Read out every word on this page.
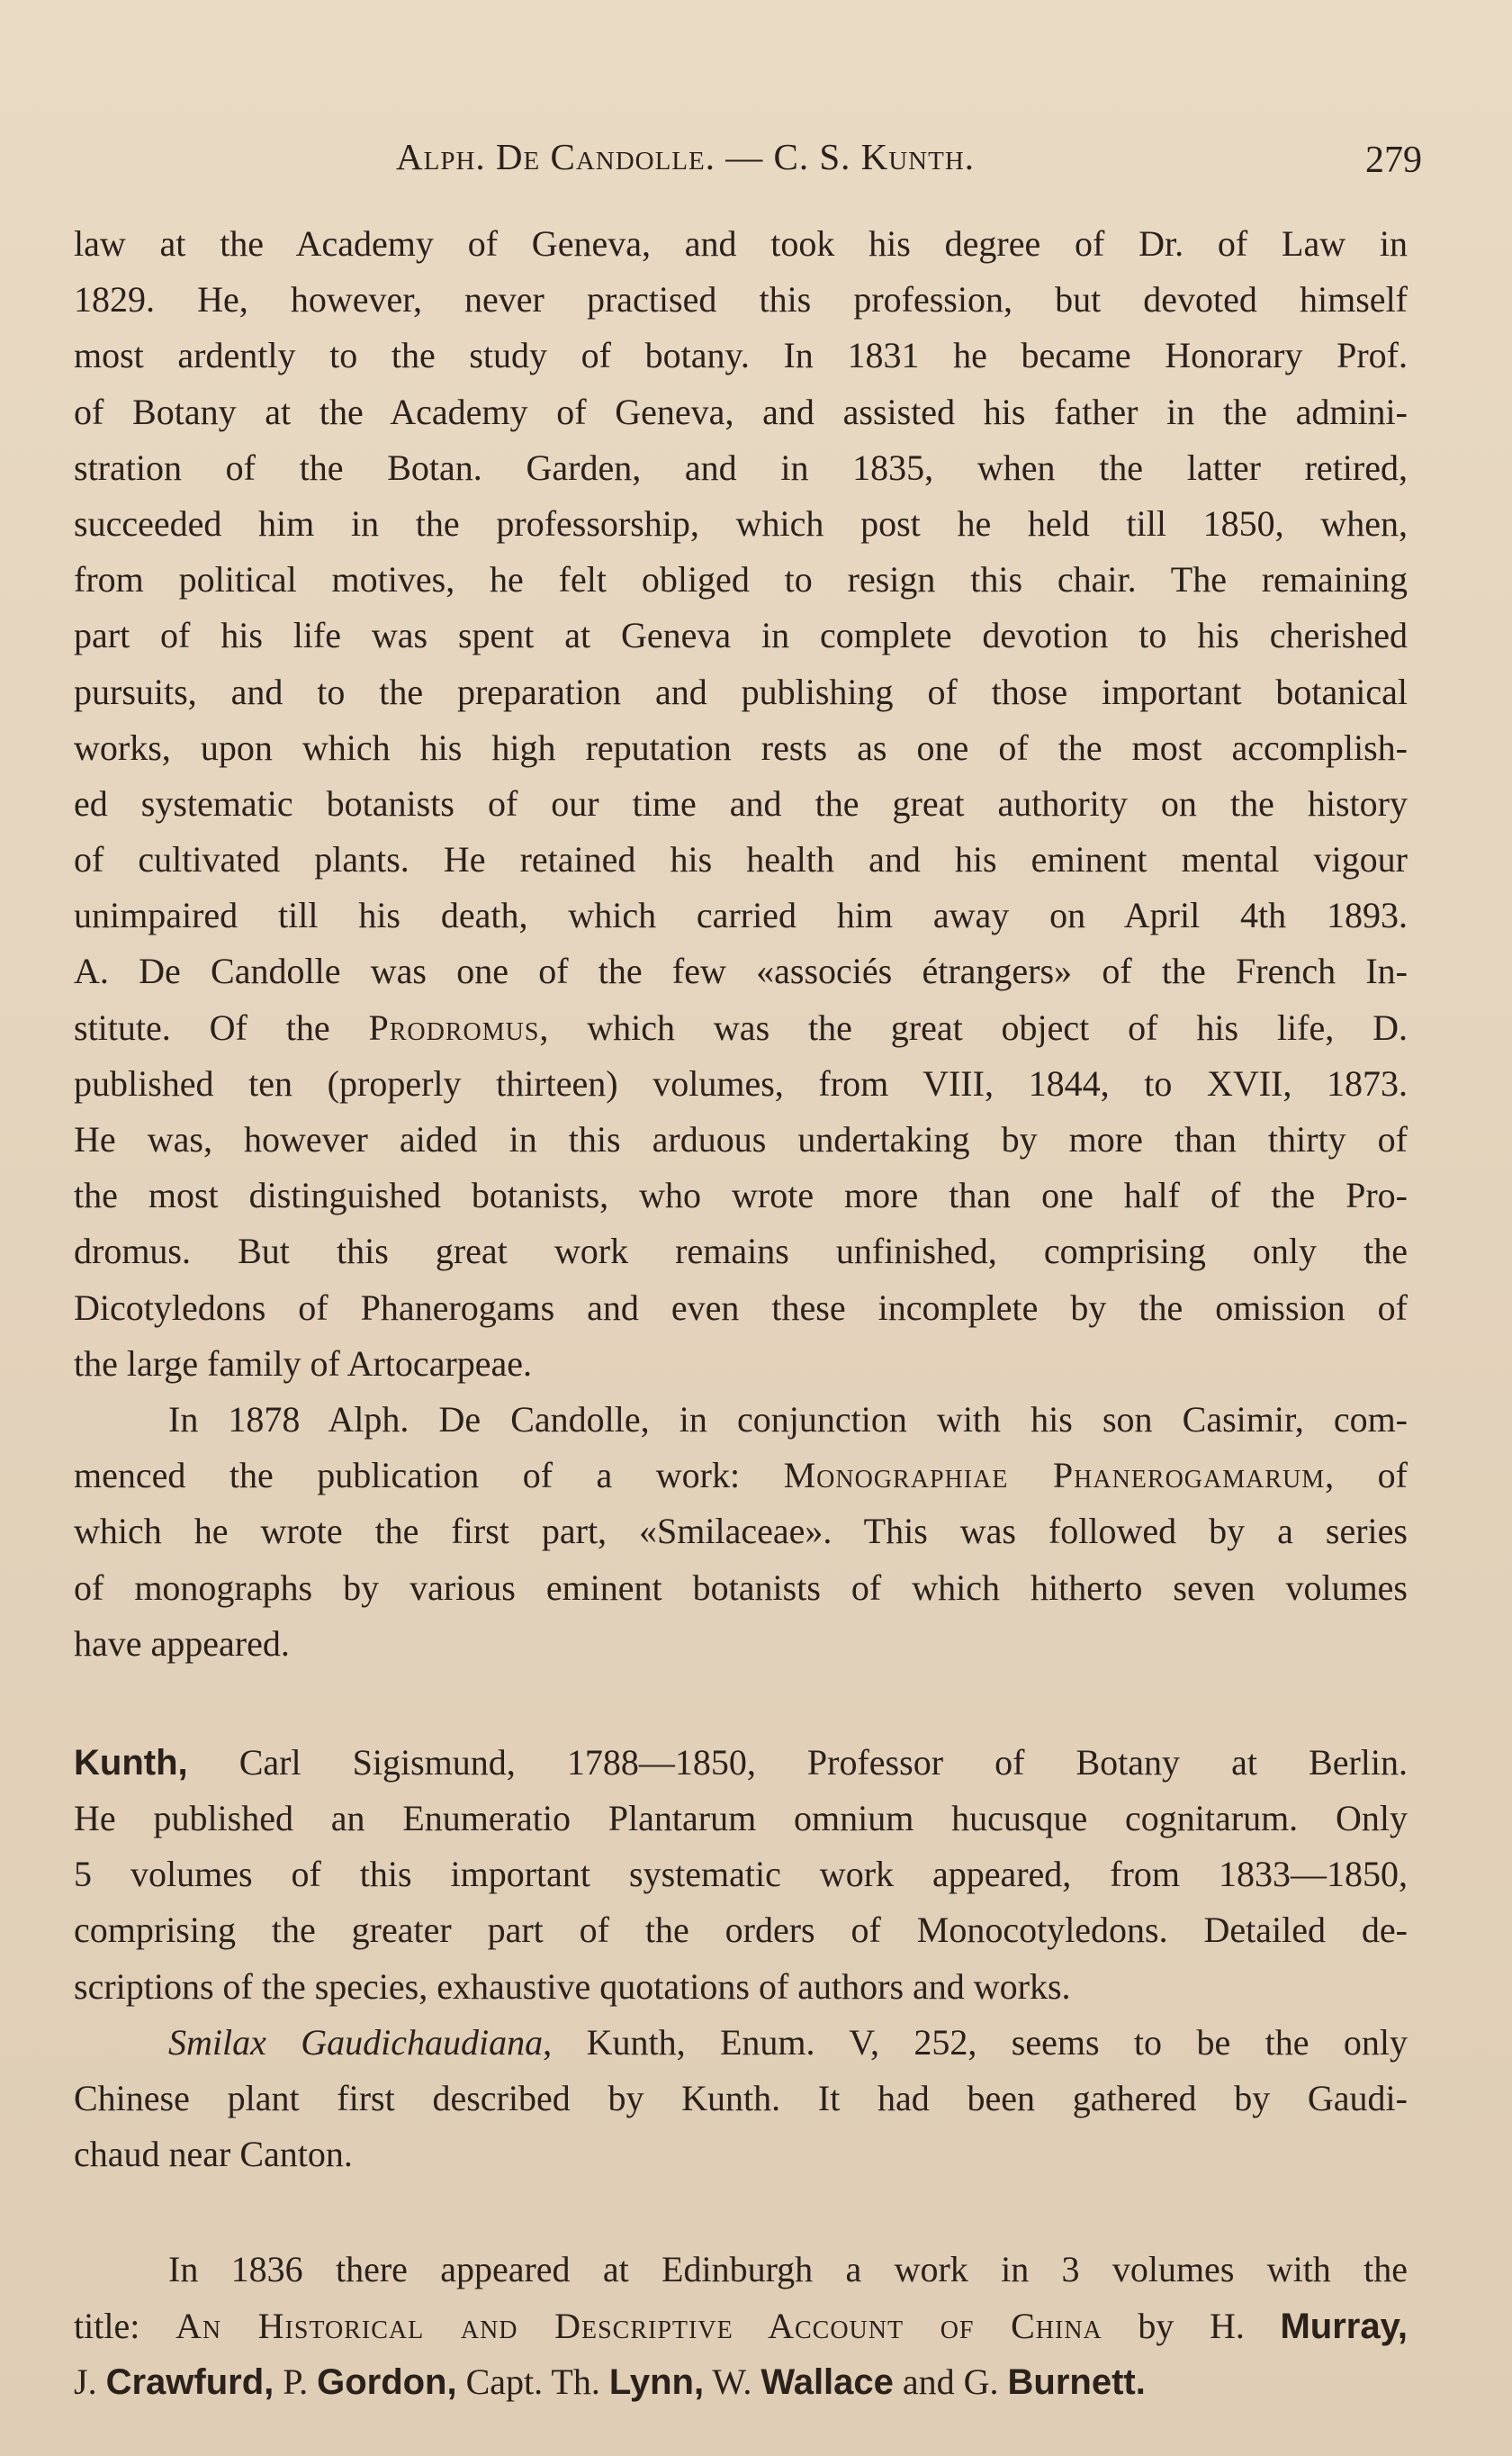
Alph. De Candolle. — C. S. Kunth.	279
law at the Academy of Geneva, and took his degree of Dr. of Law in
1829. He, however, never practised this profession, but devoted himself
most ardently to the study of botany. In 1831 he became Honorary Prof.
of Botany at the Academy of Geneva, and assisted his father in the admini-
stration of the Botan. Garden, and in 1835, when the latter retired,
succeeded him in the professorship, which post he held till 1850, when,
from political motives, he felt obliged to resign this chair. The remaining
part of his life was spent at Geneva in complete devotion to his cherished
pursuits, and to the preparation and publishing of those important botanical
works, upon which his high reputation rests as one of the most accomplish-
ed systematic botanists of our time and the great authority on the history
of cultivated plants. He retained his health and his eminent mental vigour
unimpaired till his death, which carried him away on April 4th 1893.
A. De Candolle was one of the few «associés étrangers» of the French In-
stitute. Of the Prodromus, which was the great object of his life, D.
published ten (properly thirteen) volumes, from VIII, 1844, to XVII, 1873.
He was, however aided in this arduous undertaking by more than thirty of
the most distinguished botanists, who wrote more than one half of the Pro-
dromus. But this great work remains unfinished, comprising only the
Dicotyledons of Phanerogams and even these incomplete by the omission of
the large family of Artocarpeae.
In 1878 Alph. De Candolle, in conjunction with his son Casimir, com-
menced the publication of a work: Monographiae Phanerogamarum, of
which he wrote the first part, «Smilaceae». This was followed by a series
of monographs by various eminent botanists of which hitherto seven volumes
have appeared.
Kunth, Carl Sigismund, 1788—1850, Professor of Botany at Berlin.
He published an Enumeratio Plantarum omnium hucusque cognitarum. Only
5 volumes of this important systematic work appeared, from 1833—1850,
comprising the greater part of the orders of Monocotyledons. Detailed de-
scriptions of the species, exhaustive quotations of authors and works.
Smilax Gaudichaudiana, Kunth, Enum. V, 252, seems to be the only
Chinese plant first described by Kunth. It had been gathered by Gaudi-
chaud near Canton.
In 1836 there appeared at Edinburgh a work in 3 volumes with the
title: An Historical and Descriptive Account of China by H. Murray,
J. Crawfurd, P. Gordon, Capt. Th. Lynn, W. Wallace and G. Burnett.
